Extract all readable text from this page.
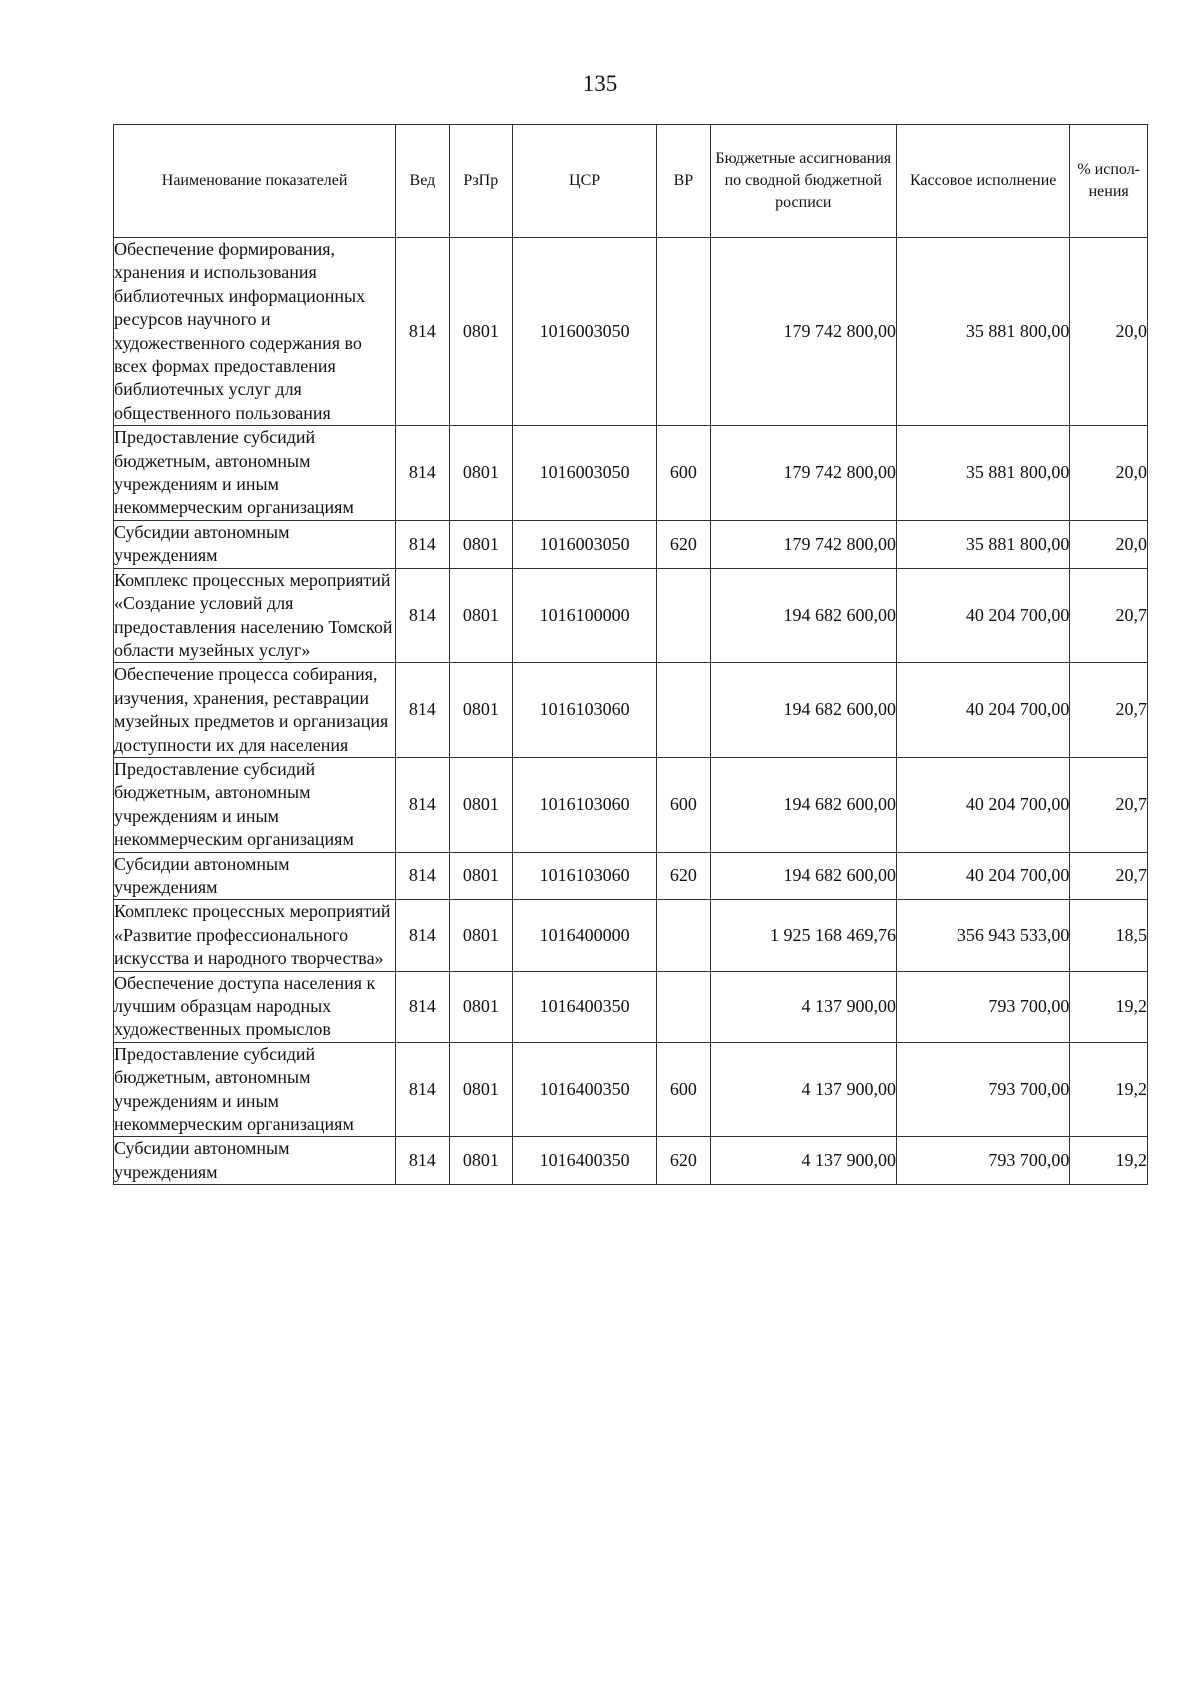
135
Наименование показателей	Вед	РзПр	ЦСР	ВР	Бюджетные ассигнования по сводной бюджетной росписи	Кассовое исполнение	% испол-нения
Обеспечение формирования, хранения и использования библиотечных информационных ресурсов научного и художественного содержания во всех формах предоставления библиотечных услуг для общественного пользования	814	0801	1016003050		179 742 800,00	35 881 800,00	20,0
Предоставление субсидий бюджетным, автономным учреждениям и иным некоммерческим организациям	814	0801	1016003050	600	179 742 800,00	35 881 800,00	20,0
Субсидии автономным учреждениям	814	0801	1016003050	620	179 742 800,00	35 881 800,00	20,0
Комплекс процессных мероприятий «Создание условий для предоставления населению Томской области музейных услуг»	814	0801	1016100000		194 682 600,00	40 204 700,00	20,7
Обеспечение процесса собирания, изучения, хранения, реставрации музейных предметов и организация доступности их для населения	814	0801	1016103060		194 682 600,00	40 204 700,00	20,7
Предоставление субсидий бюджетным, автономным учреждениям и иным некоммерческим организациям	814	0801	1016103060	600	194 682 600,00	40 204 700,00	20,7
Субсидии автономным учреждениям	814	0801	1016103060	620	194 682 600,00	40 204 700,00	20,7
Комплекс процессных мероприятий «Развитие профессионального искусства и народного творчества»	814	0801	1016400000		1 925 168 469,76	356 943 533,00	18,5
Обеспечение доступа населения к лучшим образцам народных художественных промыслов	814	0801	1016400350		4 137 900,00	793 700,00	19,2
Предоставление субсидий бюджетным, автономным учреждениям и иным некоммерческим организациям	814	0801	1016400350	600	4 137 900,00	793 700,00	19,2
Субсидии автономным учреждениям	814	0801	1016400350	620	4 137 900,00	793 700,00	19,2
